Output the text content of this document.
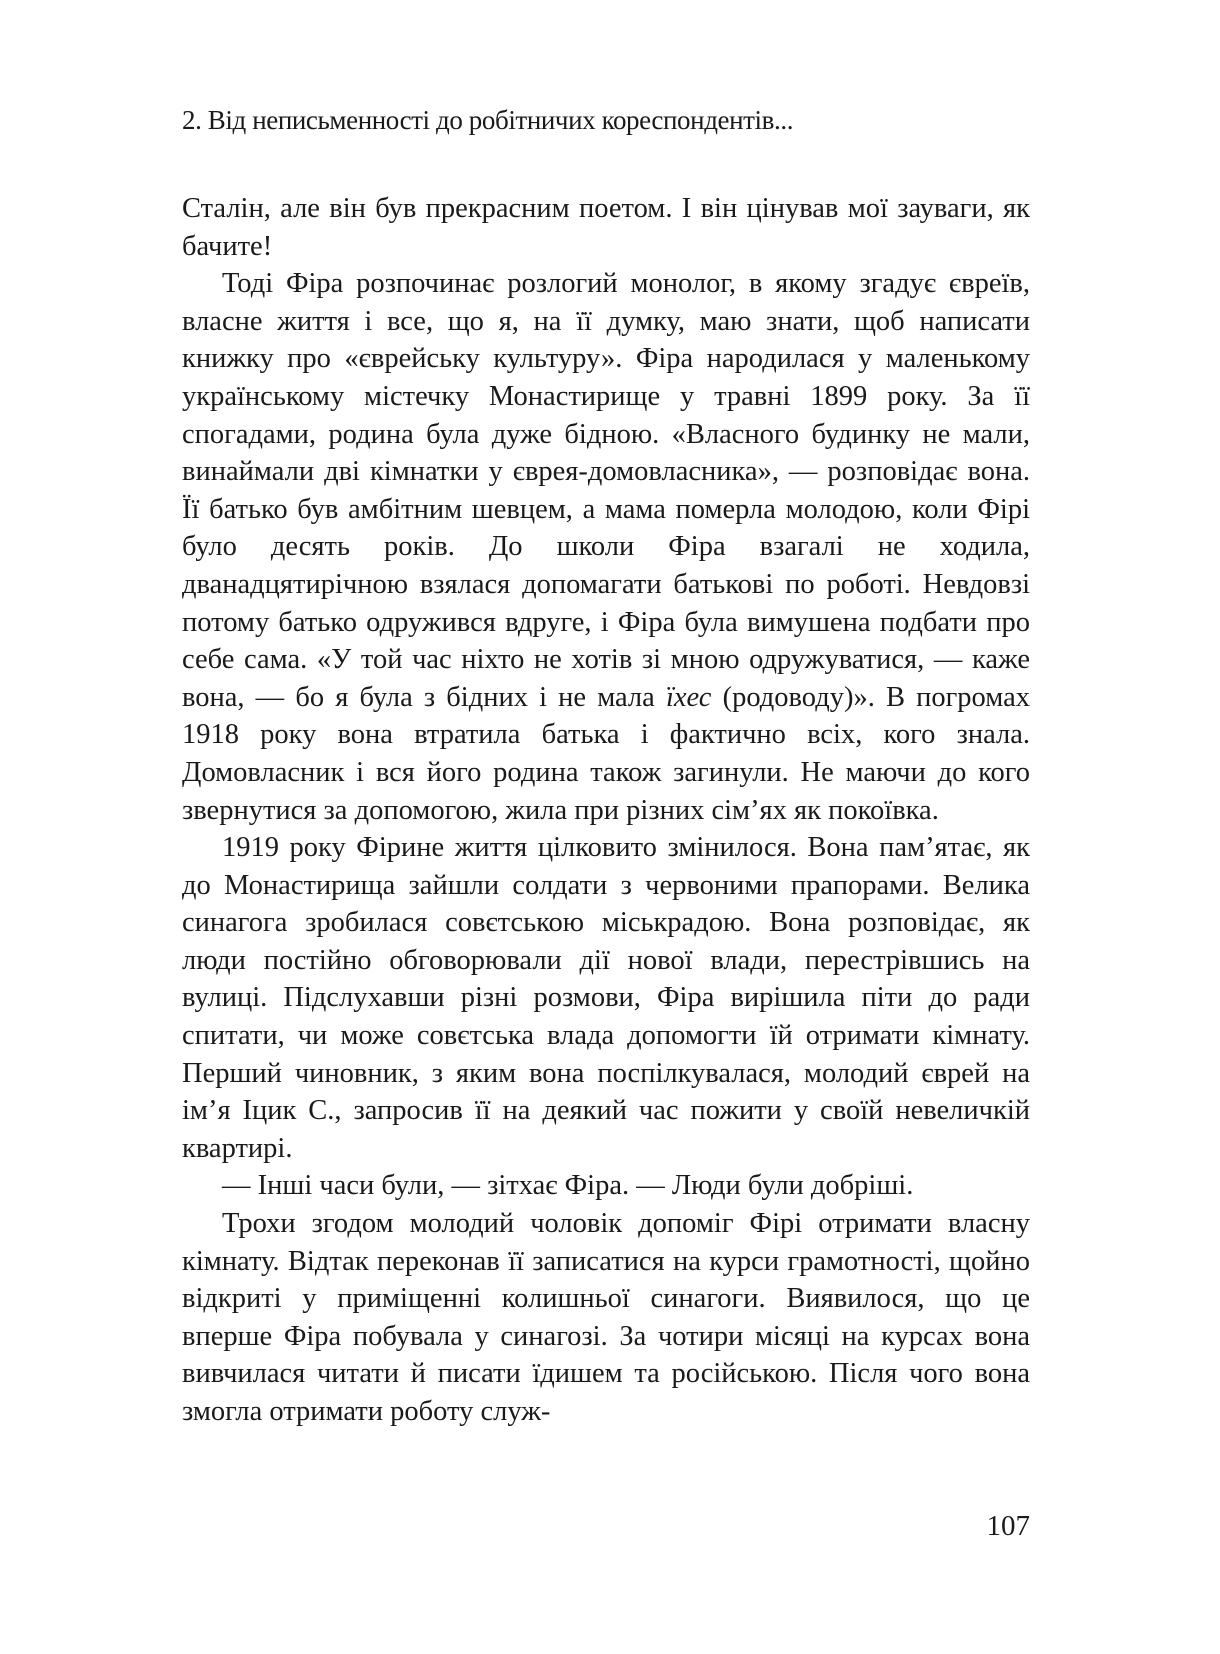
2. Від неписьменності до робітничих кореспондентів...

Сталін, але він був прекрасним поетом. І він цінував мої зауваги, як бачите!

Тоді Фіра розпочинає розлогий монолог, в якому згадує євреїв, власне життя і все, що я, на її думку, маю знати, щоб написати книжку про «єврейську культуру». Фіра народилася у маленькому українському містечку Монастирище у травні 1899 року. За її спогадами, родина була дуже бідною. «Власного будинку не мали, винаймали дві кімнатки у єврея-домовласника», — розповідає вона. Її батько був амбітним шевцем, а мама померла молодою, коли Фірі було десять років. До школи Фіра взагалі не ходила, дванадцятирічною взялася допомагати батькові по роботі. Невдовзі потому батько одружився вдруге, і Фіра була вимушена подбати про себе сама. «У той час ніхто не хотів зі мною одружуватися, — каже вона, — бо я була з бідних і не мала їхес (родоводу)». В погромах 1918 року вона втратила батька і фактично всіх, кого знала. Домовласник і вся його родина також загинули. Не маючи до кого звернутися за допомогою, жила при різних сім’ях як покоївка.

1919 року Фірине життя цілковито змінилося. Вона пам’ятає, як до Монастирища зайшли солдати з червоними прапорами. Велика синагога зробилася совєтською міськрадою. Вона розповідає, як люди постійно обговорювали дії нової влади, перестрівшись на вулиці. Підслухавши різні розмови, Фіра вирішила піти до ради спитати, чи може совєтська влада допомогти їй отримати кімнату. Перший чиновник, з яким вона поспілкувалася, молодий єврей на ім’я Іцик С., запросив її на деякий час пожити у своїй невеличкій квартирі.

— Інші часи були, — зітхає Фіра. — Люди були добріші.

Трохи згодом молодий чоловік допоміг Фірі отримати власну кімнату. Відтак переконав її записатися на курси грамотності, щойно відкриті у приміщенні колишньої синагоги. Виявилося, що це вперше Фіра побувала у синагозі. За чотири місяці на курсах вона вивчилася читати й писати їдишем та російською. Після чого вона змогла отримати роботу служ-

107
